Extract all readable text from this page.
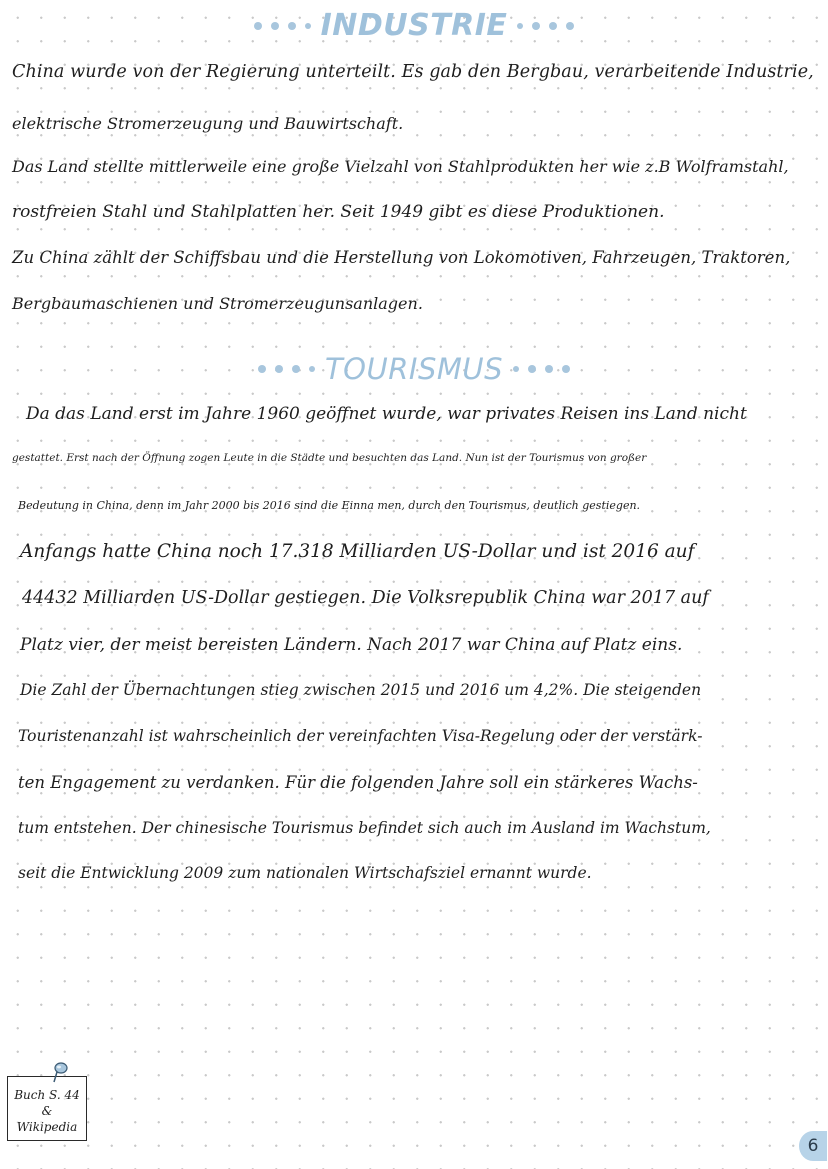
INDUSTRIE
China wurde von der Regierung unterteilt. Es gab den Bergbau, verarbeitende Industrie,
elektrische Stromerzeugung und Bauwirtschaft.
Das Land stellte mittlerweile eine große Vielzahl von Stahlprodukten her wie z.B Wolframstahl,
rostfreien Stahl und Stahlplatten her. Seit 1949 gibt es diese Produktionen.
Zu China zählt der Schiffsbau und die Herstellung von Lokomotiven, Fahrzeugen, Traktoren,
Bergbaumaschienen und Stromerzeugunsanlagen.
TOURISMUS
Da das Land erst im Jahre 1960 geöffnet wurde, war privates Reisen ins Land nicht
gestattet. Erst nach der Öffnung zogen Leute in die Städte und besuchten das Land. Nun ist der Tourismus von großer
Bedeutung in China, denn im Jahr 2000 bis 2016 sind die Einna men, durch den Tourismus, deutlich gestiegen.
Anfangs hatte China noch 17.318 Milliarden US-Dollar und ist 2016 auf
44432 Milliarden US-Dollar gestiegen. Die Volksrepublik China war 2017 auf
Platz vier, der meist bereisten Ländern. Nach 2017 war China auf Platz eins.
Die Zahl der Übernachtungen stieg zwischen 2015 und 2016 um 4,2%. Die steigenden
Touristenanzahl ist wahrscheinlich der vereinfachten Visa-Regelung oder der verstärk-
ten Engagement zu verdanken. Für die folgenden Jahre soll ein stärkeres Wachs-
tum entstehen. Der chinesische Tourismus befindet sich auch im Ausland im Wachstum,
seit die Entwicklung 2009 zum nationalen Wirtschafsziel ernannt wurde.
Buch S. 44
&
Wikipedia
6
